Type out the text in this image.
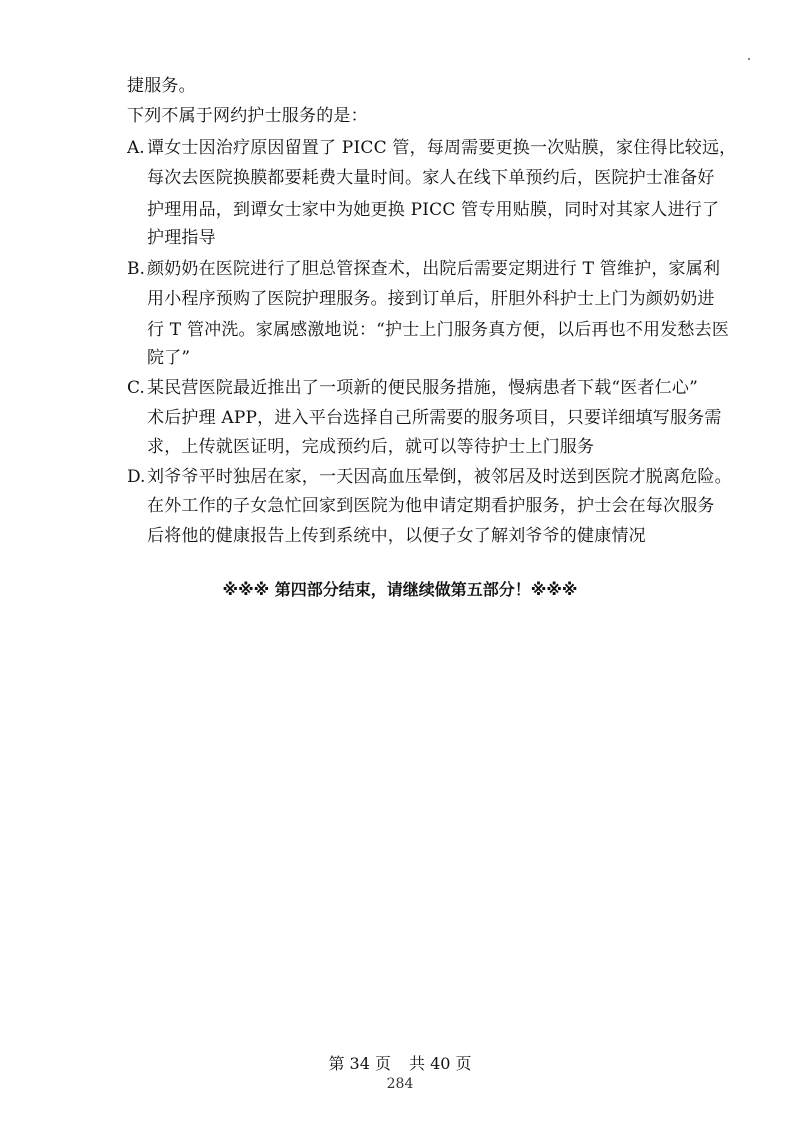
捷服务。
下列不属于网约护士服务的是：
A. 谭女士因治疗原因留置了 PICC 管，每周需要更换一次贴膜，家住得比较远，
每次去医院换膜都要耗费大量时间。家人在线下单预约后，医院护士准备好
护理用品，到谭女士家中为她更换 PICC 管专用贴膜，同时对其家人进行了
护理指导
B. 颜奶奶在医院进行了胆总管探查术，出院后需要定期进行 T 管维护，家属利
用小程序预购了医院护理服务。接到订单后，肝胆外科护士上门为颜奶奶进
行 T 管冲洗。家属感激地说：“护士上门服务真方便，以后再也不用发愁去医
院了”
C. 某民营医院最近推出了一项新的便民服务措施，慢病患者下载“医者仁心”
术后护理 APP，进入平台选择自己所需要的服务项目，只要详细填写服务需
求，上传就医证明，完成预约后，就可以等待护士上门服务
D. 刘爷爷平时独居在家，一天因高血压晕倒，被邻居及时送到医院才脱离危险。
在外工作的子女急忙回家到医院为他申请定期看护服务，护士会在每次服务
后将他的健康报告上传到系统中，以便子女了解刘爷爷的健康情况
※※※ 第四部分结束，请继续做第五部分！※※※
第 34 页 共 40 页
284
